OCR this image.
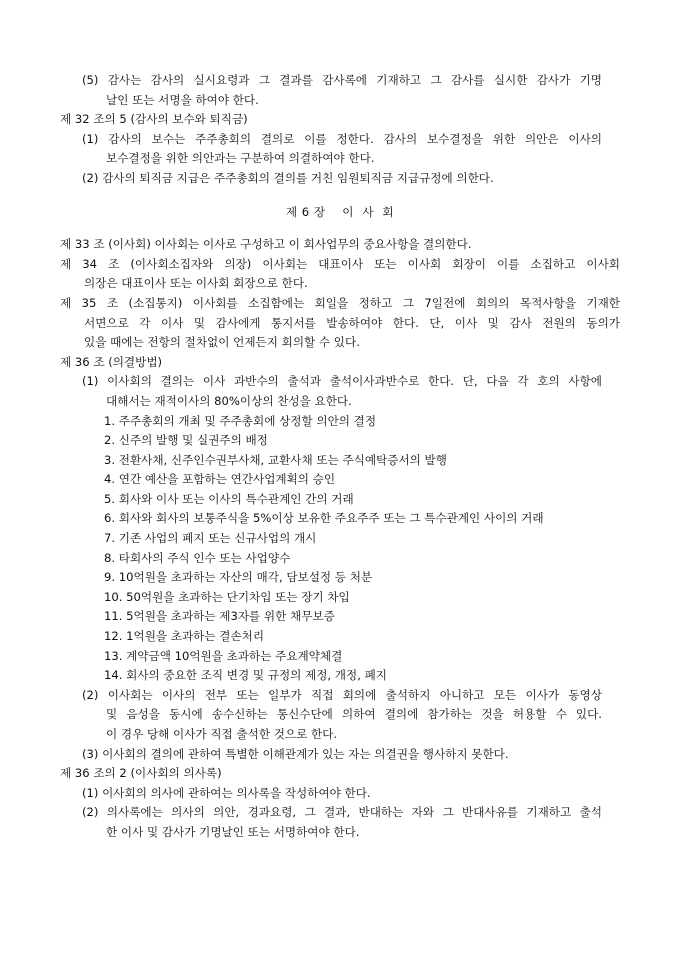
(5) 감사는 감사의 실시요령과 그 결과를 감사록에 기재하고 그 감사를 실시한 감사가 기명
날인 또는 서명을 하여야 한다.
제 32 조의 5 (감사의 보수와 퇴직금)
(1) 감사의 보수는 주주총회의 결의로 이를 정한다. 감사의 보수결정을 위한 의안은 이사의
보수결정을 위한 의안과는 구분하여 의결하여야 한다.
(2) 감사의 퇴직금 지급은 주주총회의 결의를 거친 임원퇴직금 지급규정에 의한다.
제 6 장    이  사  회
제 33 조 (이사회) 이사회는 이사로 구성하고 이 회사업무의 중요사항을 결의한다.
제 34 조 (이사회소집자와 의장) 이사회는 대표이사 또는 이사회 회장이 이를 소집하고 이사회
의장은 대표이사 또는 이사회 회장으로 한다.
제 35 조 (소집통지) 이사회를 소집함에는 회일을 정하고 그 7일전에 회의의 목적사항을 기재한
서면으로 각 이사 및 감사에게 통지서를 발송하여야 한다. 단, 이사 및 감사 전원의 동의가
있을 때에는 전항의 절차없이 언제든지 회의할 수 있다.
제 36 조 (의결방법)
(1) 이사회의 결의는 이사 과반수의 출석과 출석이사과반수로 한다. 단, 다음 각 호의 사항에
대해서는 재적이사의 80%이상의 찬성을 요한다.
1. 주주총회의 개최 및 주주총회에 상정할 의안의 결정
2. 신주의 발행 및 실권주의 배정
3. 전환사채, 신주인수권부사채, 교환사채 또는 주식예탁증서의 발행
4. 연간 예산을 포함하는 연간사업계획의 승인
5. 회사와 이사 또는 이사의 특수관계인 간의 거래
6. 회사와 회사의 보통주식을 5%이상 보유한 주요주주 또는 그 특수관계인 사이의 거래
7. 기존 사업의 폐지 또는 신규사업의 개시
8. 타회사의 주식 인수 또는 사업양수
9. 10억원을 초과하는 자산의 매각, 담보설정 등 처분
10. 50억원을 초과하는 단기차입 또는 장기 차입
11. 5억원을 초과하는 제3자를 위한 채무보증
12. 1억원을 초과하는 결손처리
13. 계약금액 10억원을 초과하는 주요계약체결
14. 회사의 중요한 조직 변경 및 규정의 제정, 개정, 폐지
(2) 이사회는 이사의 전부 또는 일부가 직접 회의에 출석하지 아니하고 모든 이사가 동영상
및 음성을 동시에 송수신하는 통신수단에 의하여 결의에 참가하는 것을 허용할 수 있다.
이 경우 당해 이사가 직접 출석한 것으로 한다.
(3) 이사회의 결의에 관하여 특별한 이해관계가 있는 자는 의결권을 행사하지 못한다.
제 36 조의 2 (이사회의 의사록)
(1) 이사회의 의사에 관하여는 의사록을 작성하여야 한다.
(2) 의사록에는 의사의 의안, 경과요령, 그 결과, 반대하는 자와 그 반대사유를 기재하고 출석
한 이사 및 감사가 기명날인 또는 서명하여야 한다.
